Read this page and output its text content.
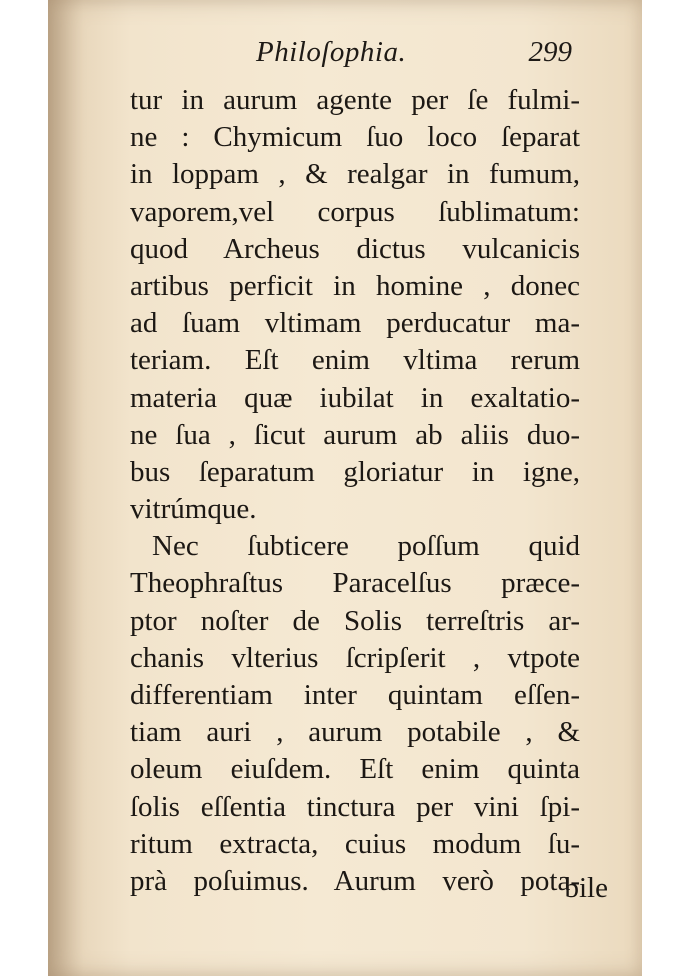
Philoſophia.	299
tur in aurum agente per ſe fulmi-
ne : Chymicum ſuo loco ſeparat
in loppam , & realgar in fumum,
vaporem,vel corpus ſublimatum:
quod Archeus dictus vulcanicis
artibus perficit in homine , donec
ad ſuam vltimam perducatur ma-
teriam. Eſt enim vltima rerum
materia quæ iubilat in exaltatio-
ne ſua , ſicut aurum ab aliis duo-
bus ſeparatum gloriatur in igne,
vitrúmque.
Nec ſubticere poſſum quid
Theophraſtus Paracelſus præce-
ptor noſter de Solis terreſtris ar-
chanis vlterius ſcripſerit , vtpote
differentiam inter quintam eſſen-
tiam auri , aurum potabile , &
oleum eiuſdem. Eſt enim quinta
ſolis eſſentia tinctura per vini ſpi-
ritum extracta, cuius modum ſu-
prà poſuimus. Aurum verò pota-
bile
